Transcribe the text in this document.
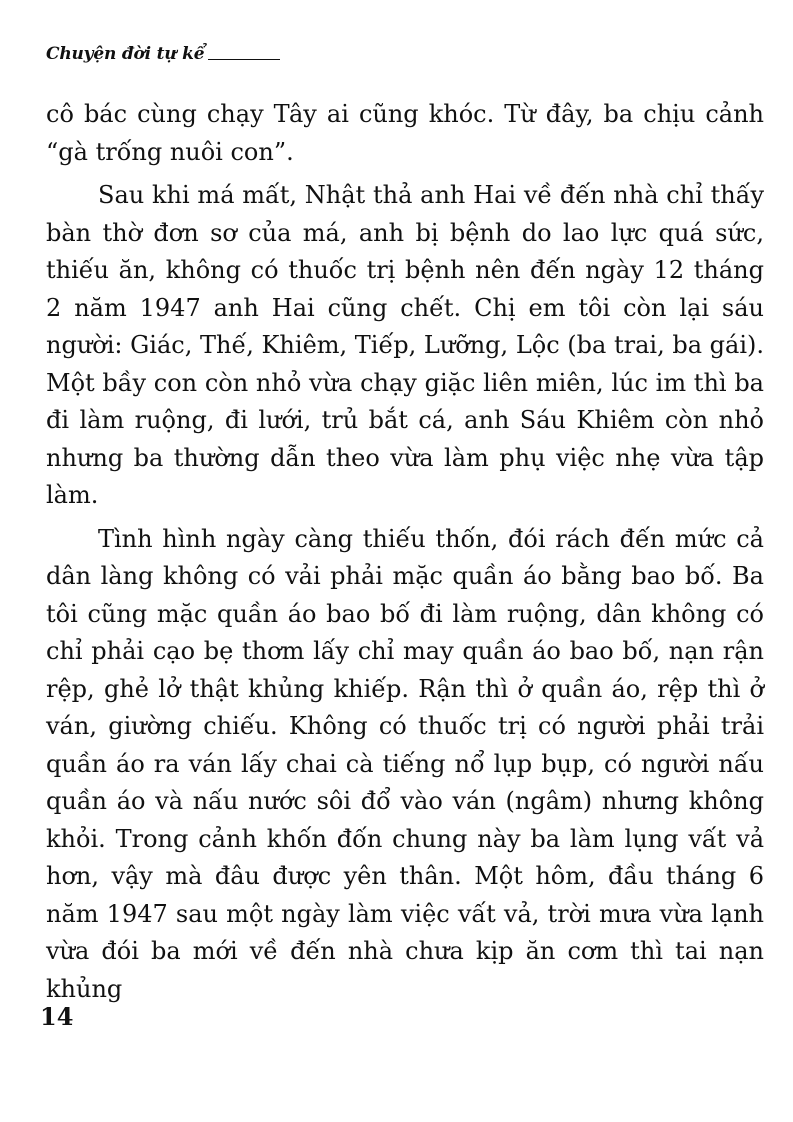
Chuyện đời tự kể

cô bác cùng chạy Tây ai cũng khóc. Từ đây, ba chịu cảnh “gà trống nuôi con”.

Sau khi má mất, Nhật thả anh Hai về đến nhà chỉ thấy bàn thờ đơn sơ của má, anh bị bệnh do lao lực quá sức, thiếu ăn, không có thuốc trị bệnh nên đến ngày 12 tháng 2 năm 1947 anh Hai cũng chết. Chị em tôi còn lại sáu người: Giác, Thế, Khiêm, Tiếp, Lưỡng, Lộc (ba trai, ba gái). Một bầy con còn nhỏ vừa chạy giặc liên miên, lúc im thì ba đi làm ruộng, đi lưới, trủ bắt cá, anh Sáu Khiêm còn nhỏ nhưng ba thường dẫn theo vừa làm phụ việc nhẹ vừa tập làm.

Tình hình ngày càng thiếu thốn, đói rách đến mức cả dân làng không có vải phải mặc quần áo bằng bao bố. Ba tôi cũng mặc quần áo bao bố đi làm ruộng, dân không có chỉ phải cạo bẹ thơm lấy chỉ may quần áo bao bố, nạn rận rệp, ghẻ lở thật khủng khiếp. Rận thì ở quần áo, rệp thì ở ván, giường chiếu. Không có thuốc trị có người phải trải quần áo ra ván lấy chai cà tiếng nổ lụp bụp, có người nấu quần áo và nấu nước sôi đổ vào ván (ngâm) nhưng không khỏi. Trong cảnh khốn đốn chung này ba làm lụng vất vả hơn, vậy mà đâu được yên thân. Một hôm, đầu tháng 6 năm 1947 sau một ngày làm việc vất vả, trời mưa vừa lạnh vừa đói ba mới về đến nhà chưa kịp ăn cơm thì tai nạn khủng

14
